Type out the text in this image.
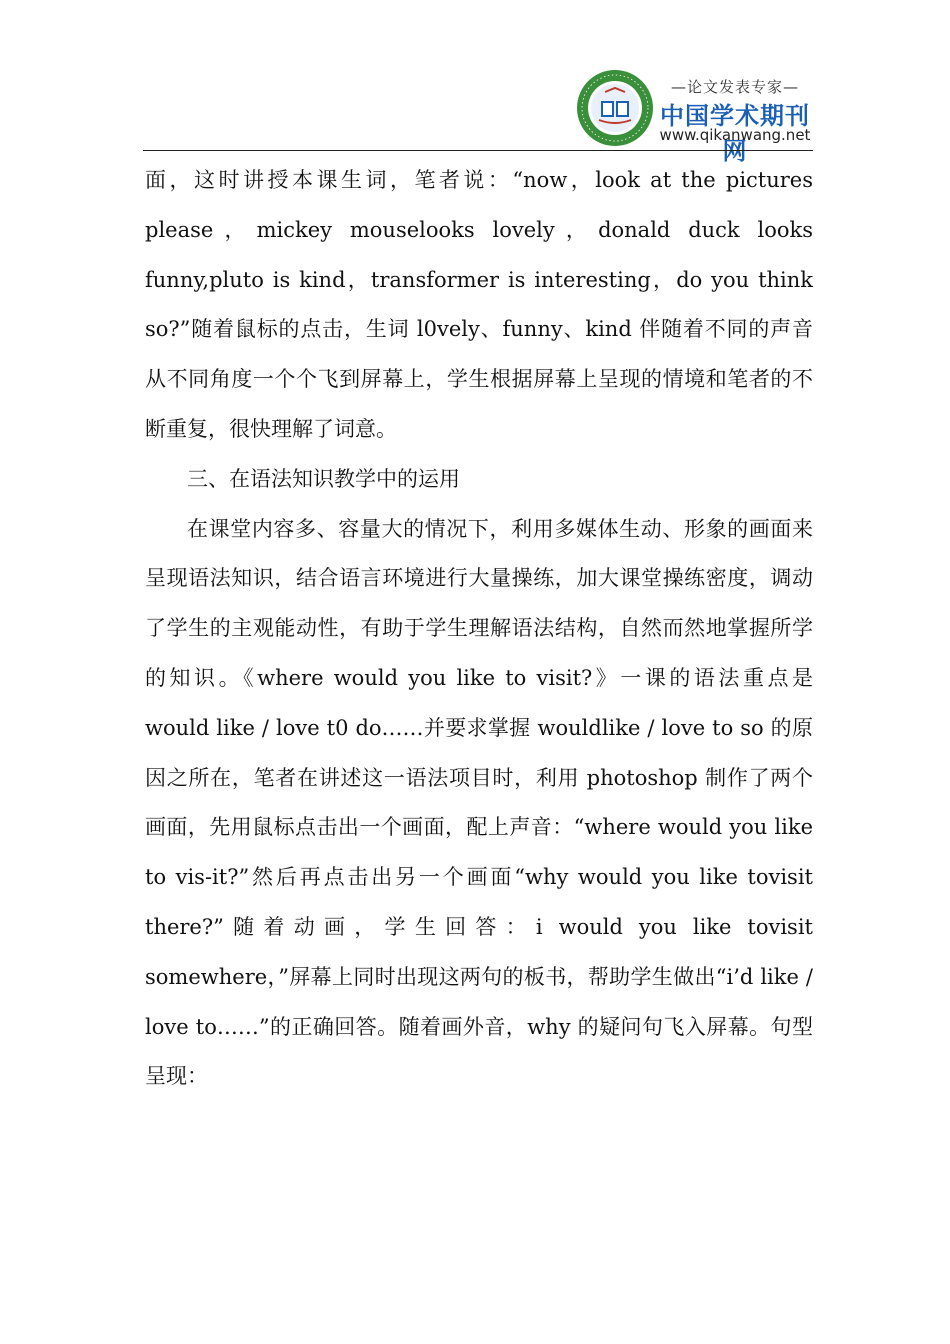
—论文发表专家—
中国学术期刊网
www.qikanwang.net

面，这时讲授本课生词，笔者说：“now，look at the pictures please，mickey mouselooks lovely，donald duck looks funny,pluto is kind，transformer is interesting，do you think so?”随着鼠标的点击，生词 l0vely、funny、kind 伴随着不同的声音从不同角度一个个飞到屏幕上，学生根据屏幕上呈现的情境和笔者的不断重复，很快理解了词意。

三、在语法知识教学中的运用

在课堂内容多、容量大的情况下，利用多媒体生动、形象的画面来呈现语法知识，结合语言环境进行大量操练，加大课堂操练密度，调动了学生的主观能动性，有助于学生理解语法结构，自然而然地掌握所学的知识。《where would you like to visit?》一课的语法重点是 would like / love t0 do……并要求掌握 wouldlike / love to so 的原因之所在，笔者在讲述这一语法项目时，利用 photoshop 制作了两个画面，先用鼠标点击出一个画面，配上声音：“where would you like to vis-it?”然后再点击出另一个画面“why would you like tovisit there?”随着动画，学生回答：i would you like tovisit somewhere，”屏幕上同时出现这两句的板书，帮助学生做出“i’d like / love to……”的正确回答。随着画外音，why 的疑问句飞入屏幕。句型呈现：
